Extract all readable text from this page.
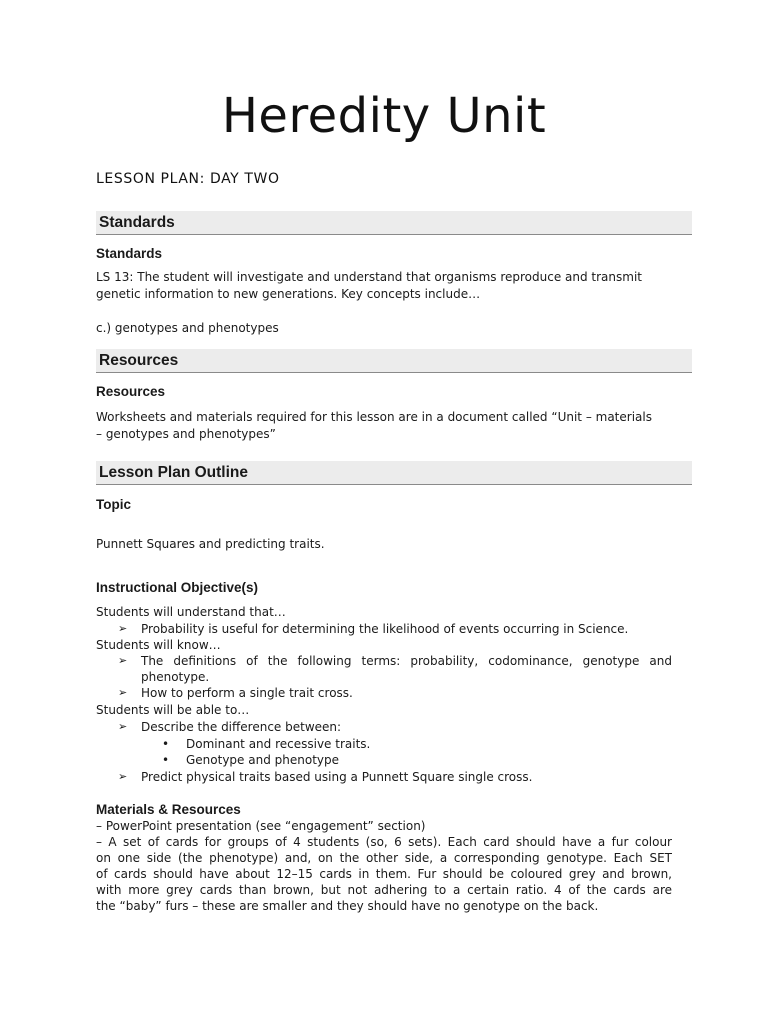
Heredity Unit
LESSON PLAN: DAY TWO
Standards
Standards
LS 13: The student will investigate and understand that organisms reproduce and transmit genetic information to new generations. Key concepts include…
c.) genotypes and phenotypes
Resources
Resources
Worksheets and materials required for this lesson are in a document called “Unit – materials – genotypes and phenotypes”
Lesson Plan Outline
Topic
Punnett Squares and predicting traits.
Instructional Objective(s)
Students will understand that…
➢ Probability is useful for determining the likelihood of events occurring in Science.
Students will know…
➢ The definitions of the following terms: probability, codominance, genotype and
phenotype.
➢ How to perform a single trait cross.
Students will be able to…
➢ Describe the difference between:
• Dominant and recessive traits.
• Genotype and phenotype
➢ Predict physical traits based using a Punnett Square single cross.
Materials & Resources
– PowerPoint presentation (see “engagement” section)
– A set of cards for groups of 4 students (so, 6 sets). Each card should have a fur colour
on one side (the phenotype) and, on the other side, a corresponding genotype. Each SET
of cards should have about 12–15 cards in them. Fur should be coloured grey and brown,
with more grey cards than brown, but not adhering to a certain ratio. 4 of the cards are
the “baby” furs – these are smaller and they should have no genotype on the back.
